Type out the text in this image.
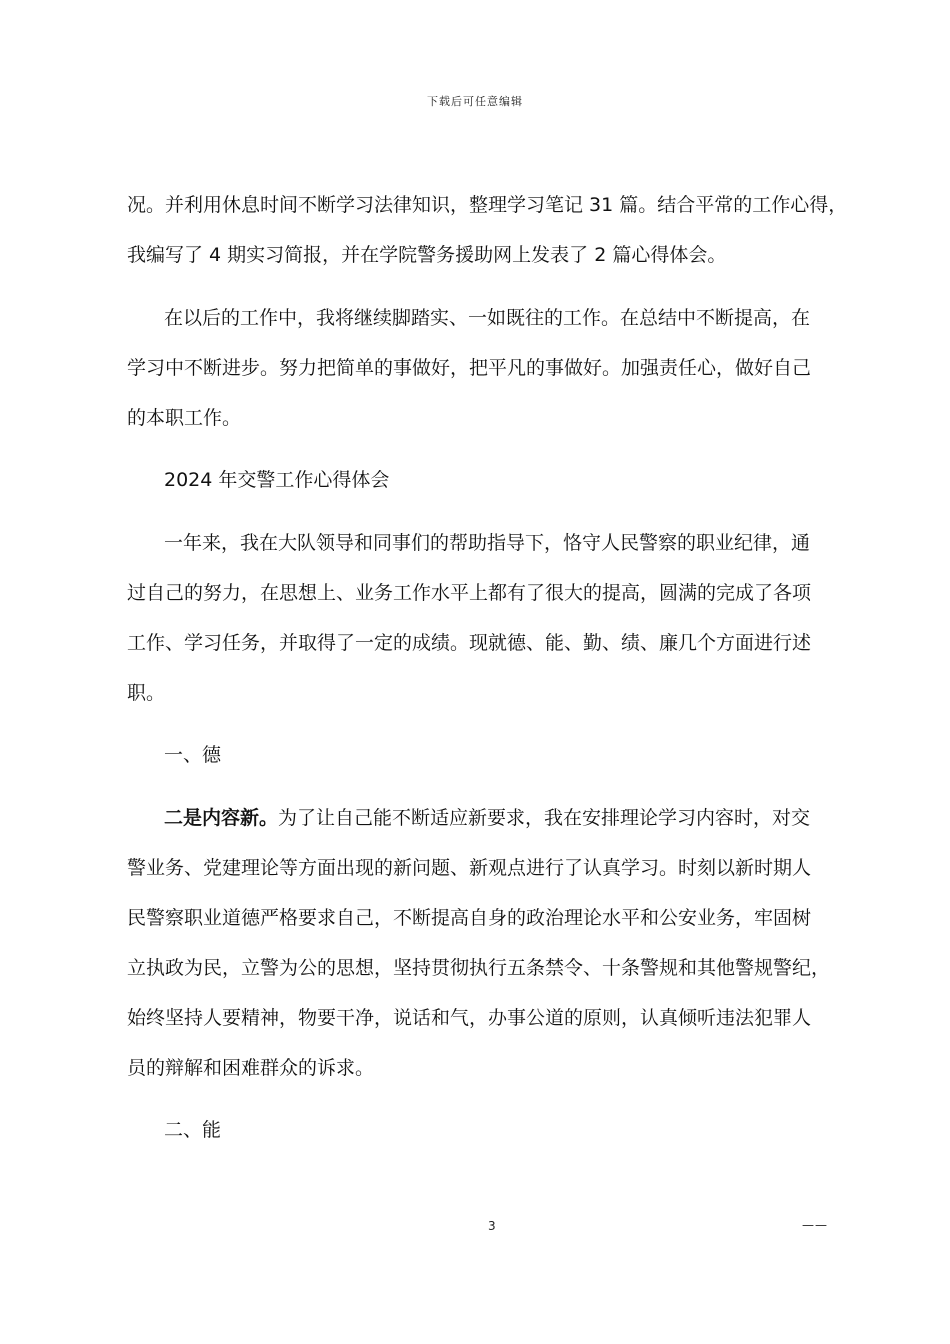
下载后可任意编辑
况。并利用休息时间不断学习法律知识，整理学习笔记 31 篇。结合平常的工作心得，
我编写了 4 期实习简报，并在学院警务援助网上发表了 2 篇心得体会。
在以后的工作中，我将继续脚踏实、一如既往的工作。在总结中不断提高，在
学习中不断进步。努力把简单的事做好，把平凡的事做好。加强责任心，做好自己
的本职工作。
2024 年交警工作心得体会
一年来，我在大队领导和同事们的帮助指导下，恪守人民警察的职业纪律，通
过自己的努力，在思想上、业务工作水平上都有了很大的提高，圆满的完成了各项
工作、学习任务，并取得了一定的成绩。现就德、能、勤、绩、廉几个方面进行述
职。
一、德
二是内容新。为了让自己能不断适应新要求，我在安排理论学习内容时，对交
警业务、党建理论等方面出现的新问题、新观点进行了认真学习。时刻以新时期人
民警察职业道德严格要求自己，不断提高自身的政治理论水平和公安业务，牢固树
立执政为民，立警为公的思想，坚持贯彻执行五条禁令、十条警规和其他警规警纪，
始终坚持人要精神，物要干净，说话和气，办事公道的原则，认真倾听违法犯罪人
员的辩解和困难群众的诉求。
二、能
3	——
